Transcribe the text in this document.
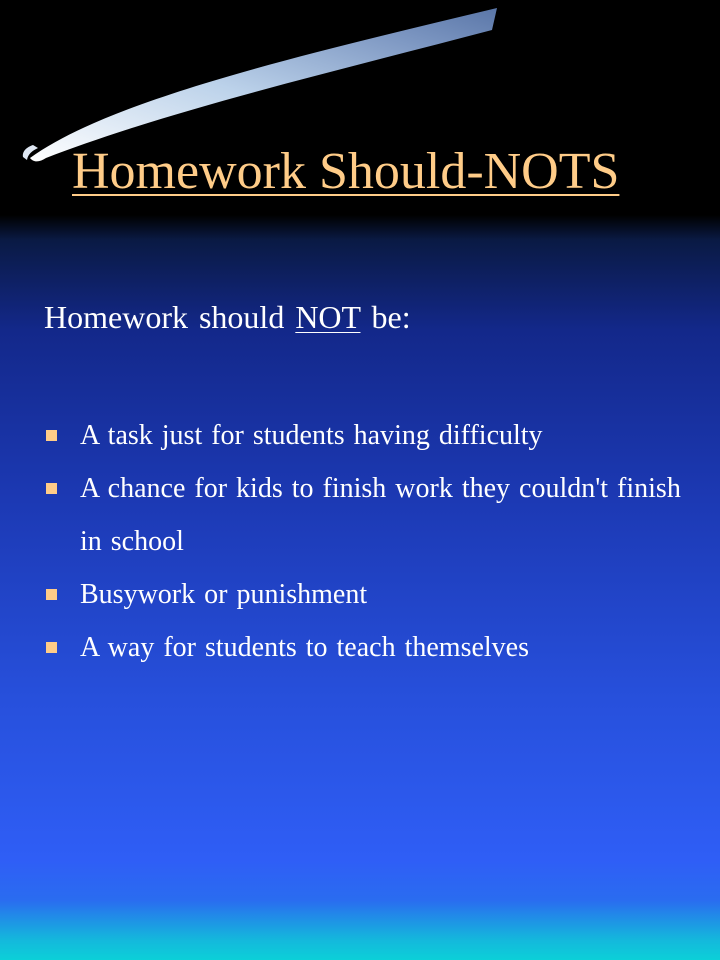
Homework Should-NOTS

Homework should NOT be:

A task just for students having difficulty
A chance for kids to finish work they couldn't finish in school
Busywork or punishment
A way for students to teach themselves
